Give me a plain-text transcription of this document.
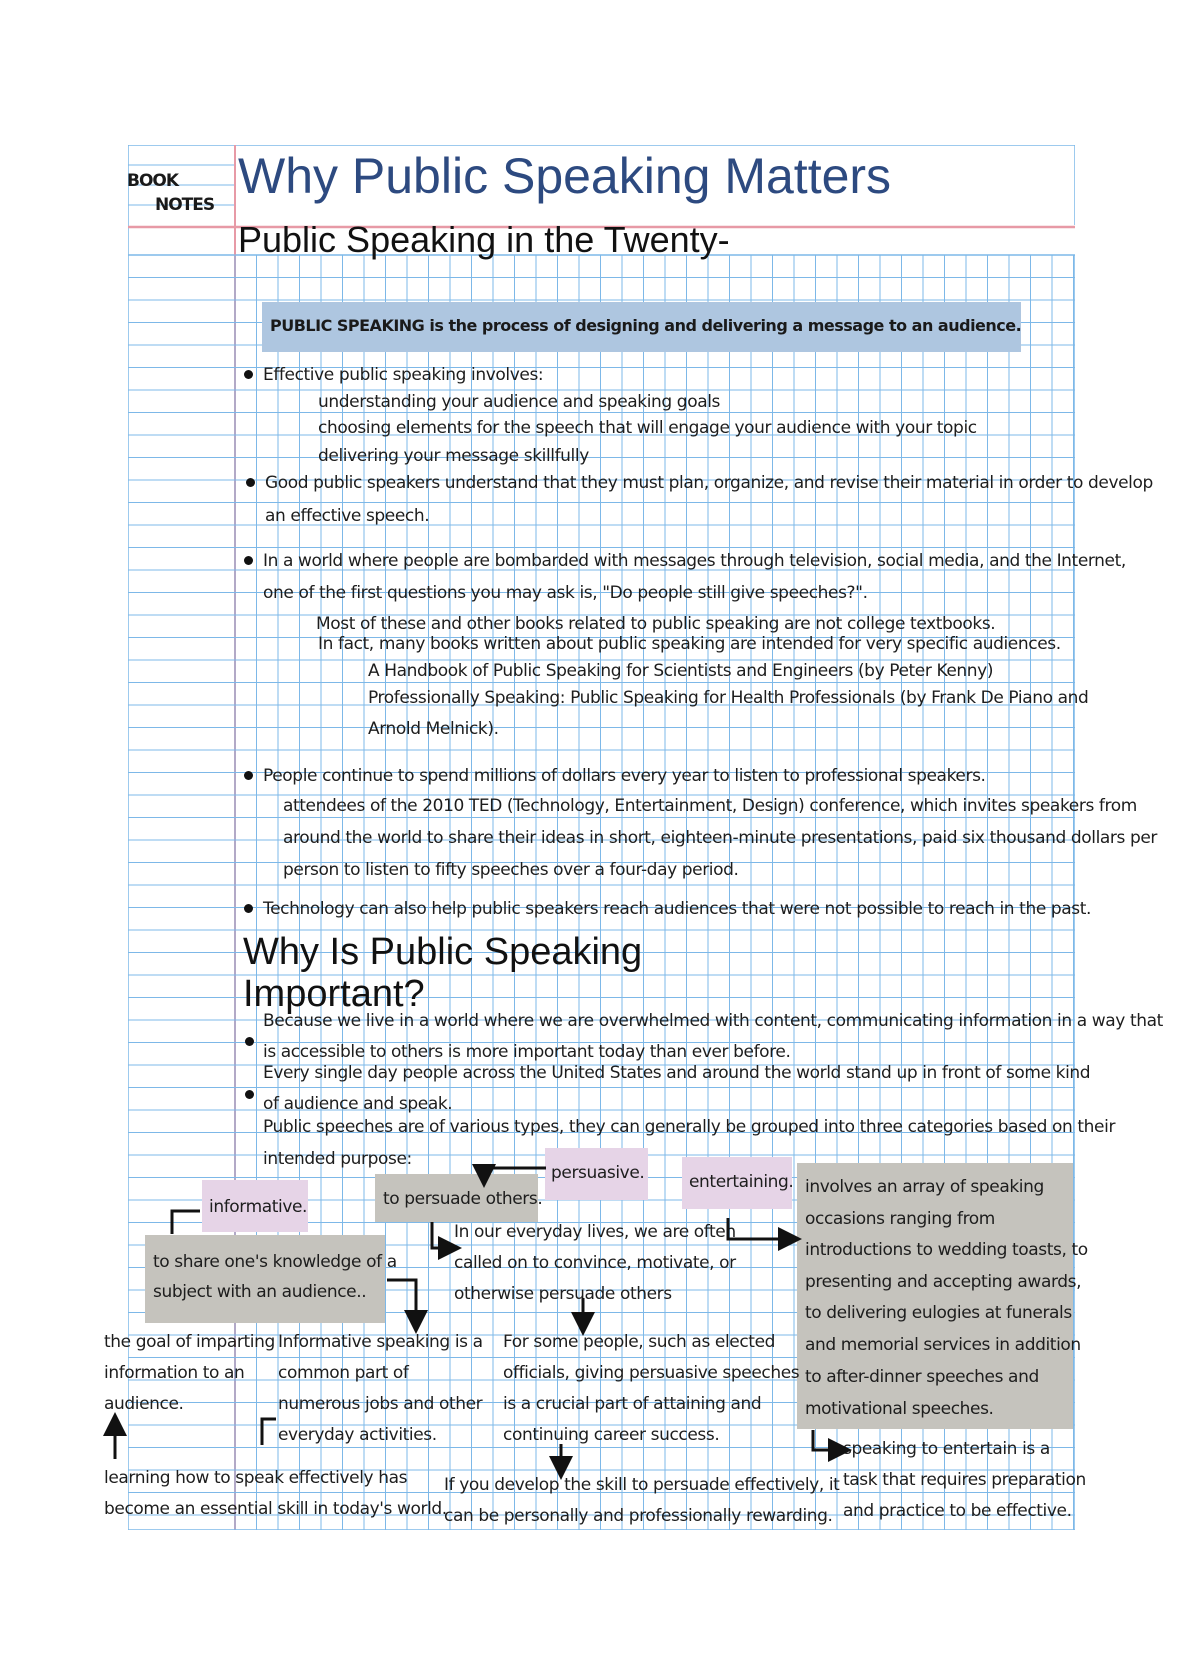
BOOK
NOTES
Why Public Speaking Matters
Public Speaking in the Twenty-
PUBLIC SPEAKING is the process of designing and delivering a message to an audience.
Effective public speaking involves:
understanding your audience and speaking goals
choosing elements for the speech that will engage your audience with your topic
delivering your message skillfully
Good public speakers understand that they must plan, organize, and revise their material in order to develop
an effective speech.
In a world where people are bombarded with messages through television, social media, and the Internet,
one of the first questions you may ask is, "Do people still give speeches?".
Most of these and other books related to public speaking are not college textbooks.
In fact, many books written about public speaking are intended for very specific audiences.
A Handbook of Public Speaking for Scientists and Engineers (by Peter Kenny)
Professionally Speaking: Public Speaking for Health Professionals (by Frank De Piano and
Arnold Melnick).
People continue to spend millions of dollars every year to listen to professional speakers.
attendees of the 2010 TED (Technology, Entertainment, Design) conference, which invites speakers from
around the world to share their ideas in short, eighteen-minute presentations, paid six thousand dollars per
person to listen to fifty speeches over a four-day period.
Technology can also help public speakers reach audiences that were not possible to reach in the past.
Why Is Public Speaking
Important?
Because we live in a world where we are overwhelmed with content, communicating information in a way that
is accessible to others is more important today than ever before.
Every single day people across the United States and around the world stand up in front of some kind
of audience and speak.
Public speeches are of various types, they can generally be grouped into three categories based on their
intended purpose:
informative.
persuasive.	entertaining.
to persuade others.
to share one's knowledge of a
subject with an audience..
involves an array of speaking
occasions ranging from
introductions to wedding toasts, to
presenting and accepting awards,
to delivering eulogies at funerals
and memorial services in addition
to after-dinner speeches and
motivational speeches.
In our everyday lives, we are often
called on to convince, motivate, or
otherwise persuade others
the goal of imparting
information to an
audience.
Informative speaking is a
common part of
numerous jobs and other
everyday activities.
For some people, such as elected
officials, giving persuasive speeches
is a crucial part of attaining and
continuing career success.
speaking to entertain is a
task that requires preparation
and practice to be effective.
learning how to speak effectively has
become an essential skill in today's world.
If you develop the skill to persuade effectively, it
can be personally and professionally rewarding.
